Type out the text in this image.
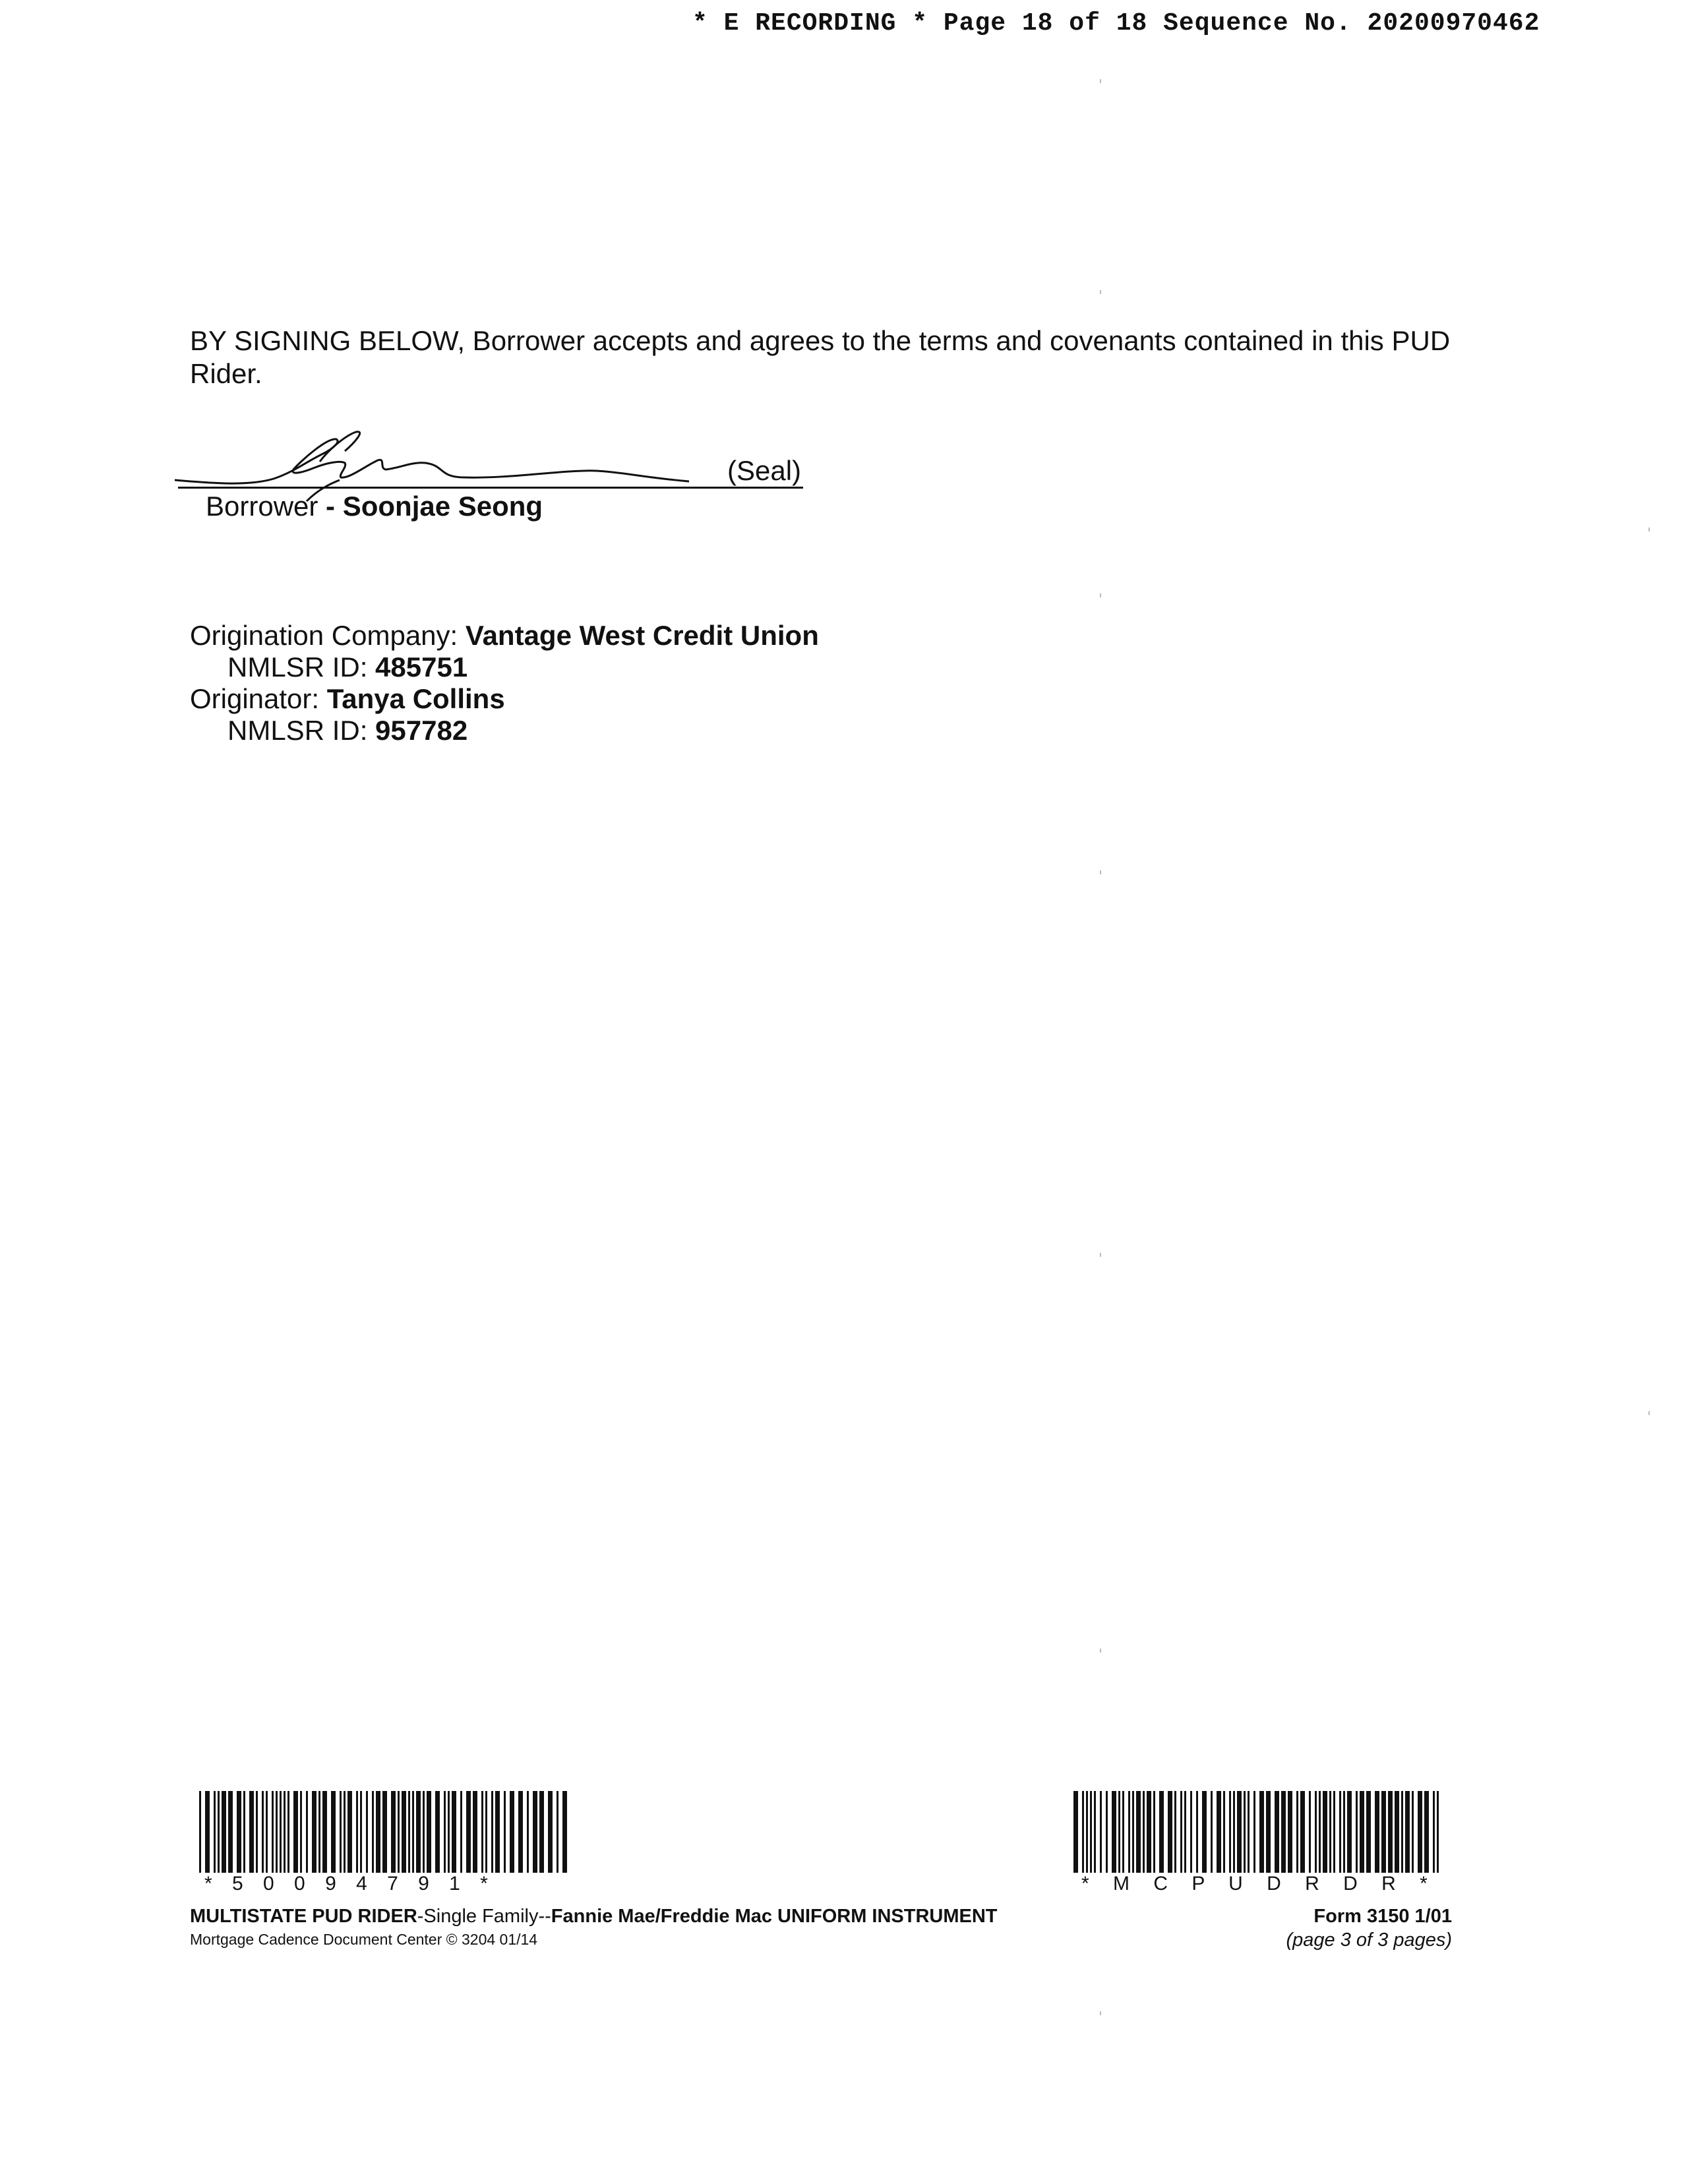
* E RECORDING * Page 18 of 18 Sequence No. 20200970462
BY SIGNING BELOW, Borrower accepts and agrees to the terms and covenants contained in this PUD Rider.
(Seal)
Borrower - Soonjae Seong
Origination Company: Vantage West Credit Union
NMLSR ID: 485751
Originator: Tanya Collins
NMLSR ID: 957782
* 5 0 0 9 4 7 9 1 *	* M C P U D R D R *
MULTISTATE PUD RIDER-Single Family--Fannie Mae/Freddie Mac UNIFORM INSTRUMENT
Mortgage Cadence Document Center © 3204 01/14
Form 3150 1/01
(page 3 of 3 pages)
